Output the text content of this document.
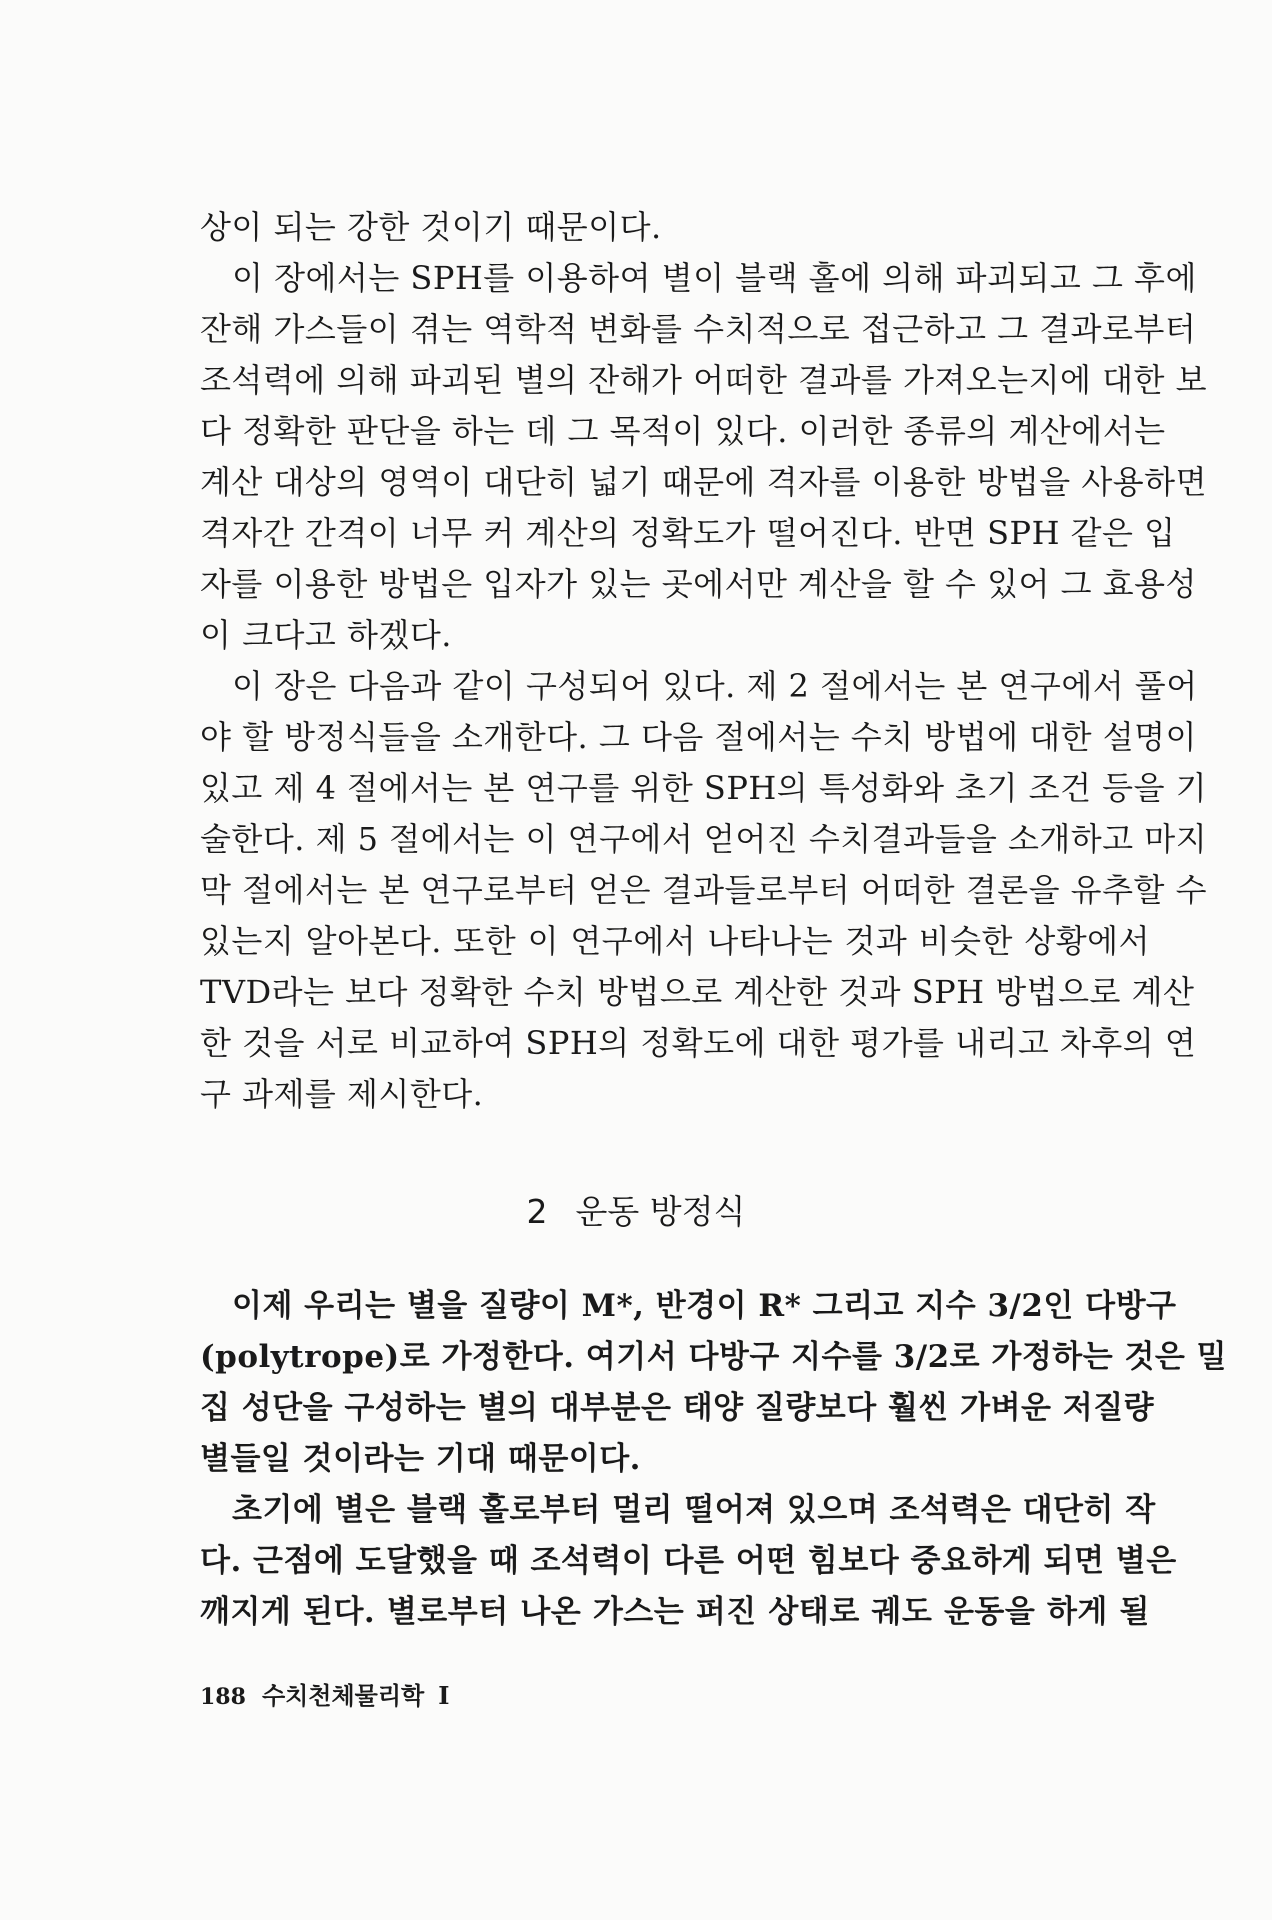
상이 되는 강한 것이기 때문이다.
이 장에서는 SPH를 이용하여 별이 블랙 홀에 의해 파괴되고 그 후에
잔해 가스들이 겪는 역학적 변화를 수치적으로 접근하고 그 결과로부터
조석력에 의해 파괴된 별의 잔해가 어떠한 결과를 가져오는지에 대한 보
다 정확한 판단을 하는 데 그 목적이 있다. 이러한 종류의 계산에서는
계산 대상의 영역이 대단히 넓기 때문에 격자를 이용한 방법을 사용하면
격자간 간격이 너무 커 계산의 정확도가 떨어진다. 반면 SPH 같은 입
자를 이용한 방법은 입자가 있는 곳에서만 계산을 할 수 있어 그 효용성
이 크다고 하겠다.
이 장은 다음과 같이 구성되어 있다. 제 2 절에서는 본 연구에서 풀어
야 할 방정식들을 소개한다. 그 다음 절에서는 수치 방법에 대한 설명이
있고 제 4 절에서는 본 연구를 위한 SPH의 특성화와 초기 조건 등을 기
술한다. 제 5 절에서는 이 연구에서 얻어진 수치결과들을 소개하고 마지
막 절에서는 본 연구로부터 얻은 결과들로부터 어떠한 결론을 유추할 수
있는지 알아본다. 또한 이 연구에서 나타나는 것과 비슷한 상황에서
TVD라는 보다 정확한 수치 방법으로 계산한 것과 SPH 방법으로 계산
한 것을 서로 비교하여 SPH의 정확도에 대한 평가를 내리고 차후의 연
구 과제를 제시한다.
2 운동 방정식
이제 우리는 별을 질량이 M*, 반경이 R* 그리고 지수 3/2인 다방구
(polytrope)로 가정한다. 여기서 다방구 지수를 3/2로 가정하는 것은 밀
집 성단을 구성하는 별의 대부분은 태양 질량보다 훨씬 가벼운 저질량
별들일 것이라는 기대 때문이다.
초기에 별은 블랙 홀로부터 멀리 떨어져 있으며 조석력은 대단히 작
다. 근점에 도달했을 때 조석력이 다른 어떤 힘보다 중요하게 되면 별은
깨지게 된다. 별로부터 나온 가스는 퍼진 상태로 궤도 운동을 하게 될
188 수치천체물리학 I
